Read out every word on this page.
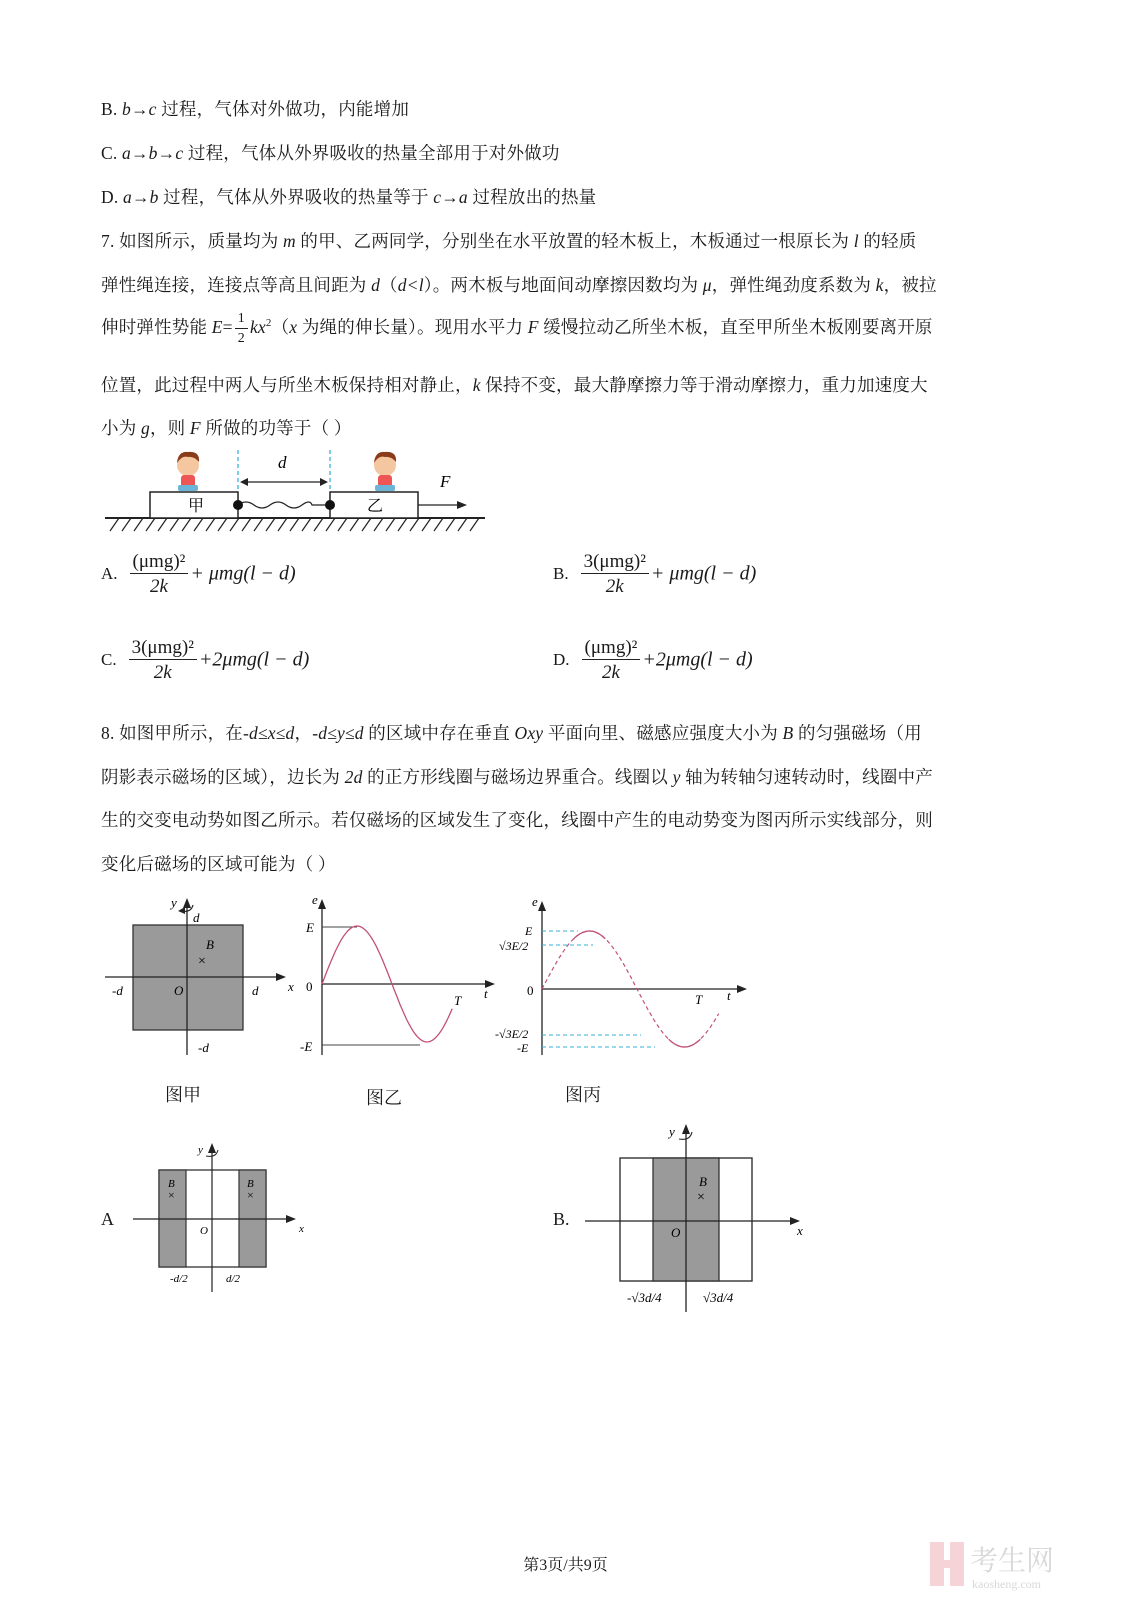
B. b→c 过程，气体对外做功，内能增加
C. a→b→c 过程，气体从外界吸收的热量全部用于对外做功
D. a→b 过程，气体从外界吸收的热量等于 c→a 过程放出的热量
7. 如图所示，质量均为 m 的甲、乙两同学，分别坐在水平放置的轻木板上，木板通过一根原长为 l 的轻质
弹性绳连接，连接点等高且间距为 d（d<l）。两木板与地面间动摩擦因数均为 μ，弹性绳劲度系数为 k，被拉
伸时弹性势能 $E= \frac{1}{2} kx^2(x$ 为绳的伸长量）。现用水平力 F 缓慢拉动乙所坐木板，直至甲所坐木板刚要离开原
位置，此过程中两人与所坐木板保持相对静止，k 保持不变，最大静摩擦力等于滑动摩擦力，重力加速度大
小为 g，则 F 所做的功等于（ ）
甲	乙
d
F
A. $\frac{\text{(μmg)²}}{2k} + \mu mg(l - d)$	B. $\frac{\text{3(μmg)²}}{2k} + \mu mg(l - d)$
C. $\frac{\text{3(μmg)²}}{2k} +2\mu mg(l - d)$	D. $\frac{\text{(μmg)²}}{2k} +2\mu mg(l - d)$
8. 如图甲所示，在-d≤x≤d，-d≤y≤d 的区域中存在垂直 Oxy 平面向里、磁感应强度大小为 B 的匀强磁场（用
阴影表示磁场的区域），边长为 2d 的正方形线圈与磁场边界重合。线圈以 y 轴为转轴匀速转动时，线圈中产
生的交变电动势如图乙所示。若仅磁场的区域发生了变化，线圈中产生的电动势变为图丙所示实线部分，则
变化后磁场的区域可能为（ ）
y
d
x
-d	d
O
-d
B
×
图甲
e
E
0
-E
T t
图乙
e
E
√3E/2
0
-√3E/2
-E
T t
图丙
A
y
x
O
B
×
B
×
-d/2	d/2
B.
y
x
O
B
×
-√3d/4	√3d/4
第3页/共9页	考生网
kaosheng.com
